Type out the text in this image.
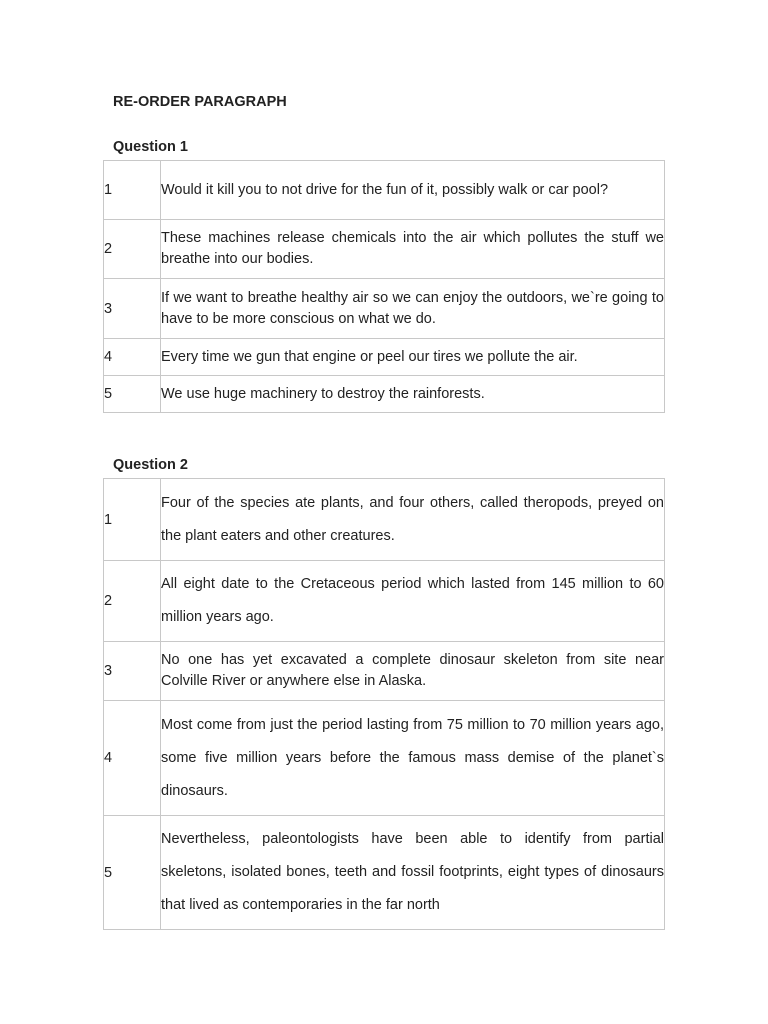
RE-ORDER PARAGRAPH
Question 1
1	Would it kill you to not drive for the fun of it, possibly walk or car pool?
2	These machines release chemicals into the air which pollutes the stuff we breathe into our bodies.
3	If we want to breathe healthy air so we can enjoy the outdoors, we`re going to have to be more conscious on what we do.
4	Every time we gun that engine or peel our tires we pollute the air.
5	We use huge machinery to destroy the rainforests.
Question 2
1	Four of the species ate plants, and four others, called theropods, preyed on the plant eaters and other creatures.
2	All eight date to the Cretaceous period which lasted from 145 million to 60 million years ago.
3	No one has yet excavated a complete dinosaur skeleton from site near Colville River or anywhere else in Alaska.
4	Most come from just the period lasting from 75 million to 70 million years ago, some five million years before the famous mass demise of the planet`s dinosaurs.
5	Nevertheless, paleontologists have been able to identify from partial skeletons, isolated bones, teeth and fossil footprints, eight types of dinosaurs that lived as contemporaries in the far north
